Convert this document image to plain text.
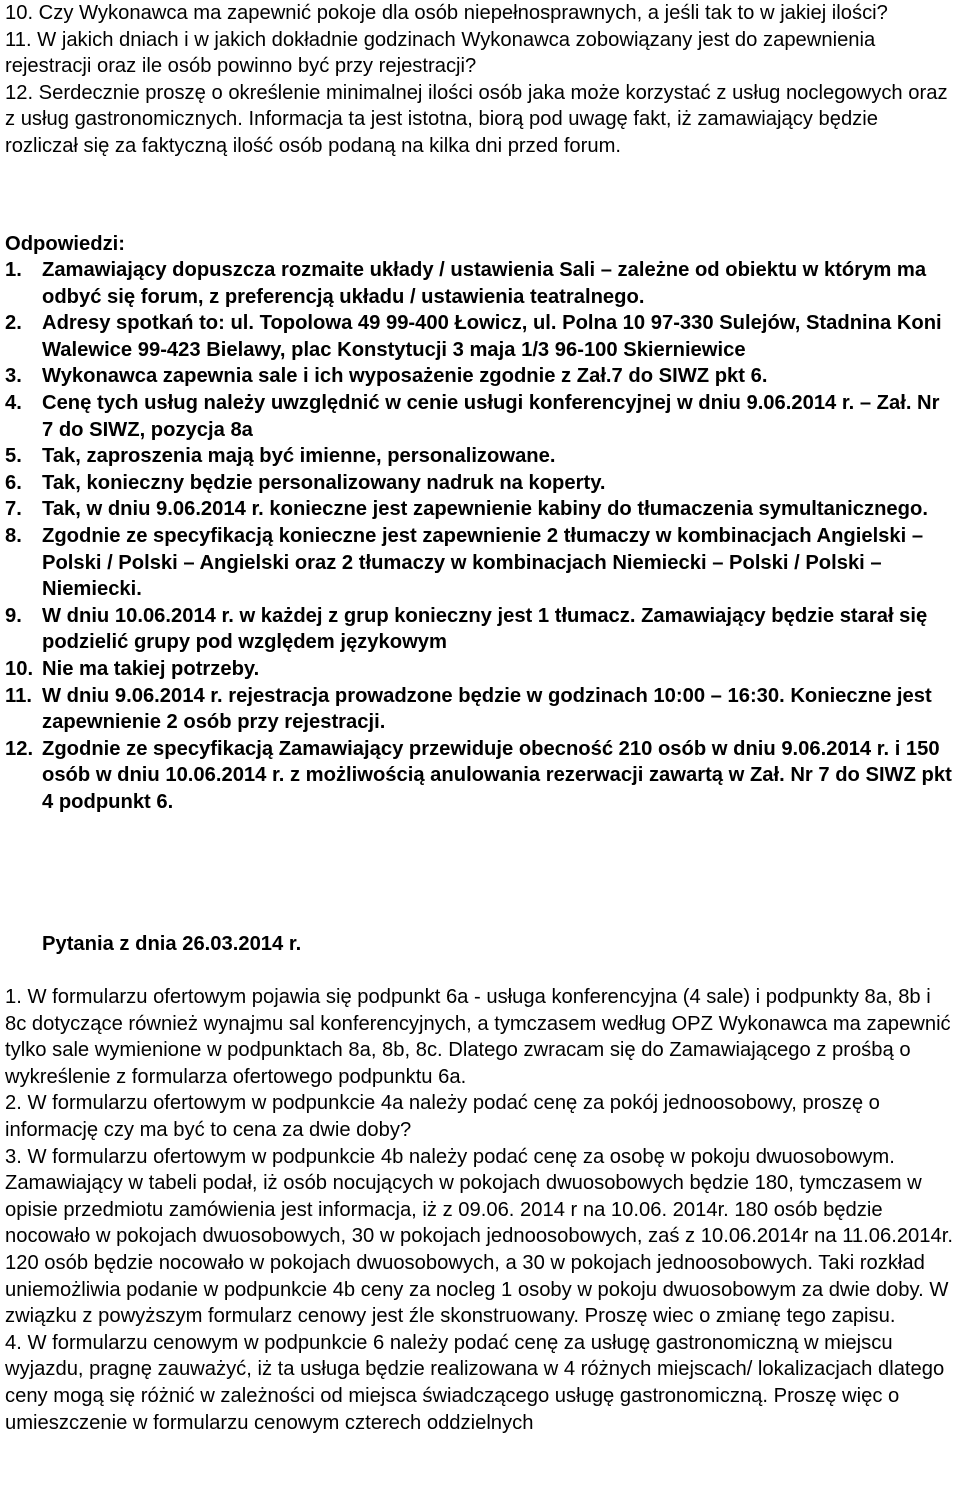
10. Czy Wykonawca ma zapewnić pokoje dla osób niepełnosprawnych, a jeśli tak to w jakiej ilości?

11. W jakich dniach i w jakich dokładnie godzinach Wykonawca zobowiązany jest do zapewnienia rejestracji oraz ile osób powinno być przy rejestracji?

12. Serdecznie proszę o określenie minimalnej ilości osób jaka może korzystać z usług noclegowych oraz z usług gastronomicznych. Informacja ta jest istotna, biorą pod uwagę fakt, iż zamawiający będzie rozliczał się za faktyczną ilość osób podaną na kilka dni przed forum.

Odpowiedzi:

1. Zamawiający dopuszcza rozmaite układy / ustawienia Sali – zależne od obiektu w którym ma odbyć się forum, z preferencją układu / ustawienia teatralnego.
2. Adresy spotkań to: ul. Topolowa 49 99-400 Łowicz, ul. Polna 10 97-330 Sulejów, Stadnina Koni Walewice 99-423 Bielawy, plac Konstytucji 3 maja 1/3 96-100 Skierniewice
3. Wykonawca zapewnia sale i ich wyposażenie zgodnie z Zał.7 do SIWZ pkt 6.
4. Cenę tych usług należy uwzględnić w cenie usługi konferencyjnej w dniu 9.06.2014 r. – Zał. Nr 7 do SIWZ, pozycja 8a
5. Tak, zaproszenia mają być imienne, personalizowane.
6. Tak, konieczny będzie personalizowany nadruk na koperty.
7. Tak, w dniu 9.06.2014 r. konieczne jest zapewnienie kabiny do tłumaczenia symultanicznego.
8. Zgodnie ze specyfikacją konieczne jest zapewnienie 2 tłumaczy w kombinacjach Angielski – Polski / Polski – Angielski oraz 2 tłumaczy w kombinacjach Niemiecki – Polski / Polski – Niemiecki.
9. W dniu 10.06.2014 r. w każdej z grup konieczny jest 1 tłumacz. Zamawiający będzie starał się podzielić grupy pod względem językowym
10. Nie ma takiej potrzeby.
11. W dniu 9.06.2014 r. rejestracja prowadzone będzie w godzinach 10:00 – 16:30. Konieczne jest zapewnienie 2 osób przy rejestracji.
12. Zgodnie ze specyfikacją Zamawiający przewiduje obecność 210 osób w dniu 9.06.2014 r. i 150 osób w dniu 10.06.2014 r. z możliwością anulowania rezerwacji zawartą w Zał. Nr 7 do SIWZ pkt 4 podpunkt 6.

Pytania z dnia 26.03.2014 r.

1. W formularzu ofertowym pojawia się podpunkt 6a - usługa konferencyjna (4 sale) i podpunkty 8a, 8b i 8c dotyczące również wynajmu sal konferencyjnych, a tymczasem według OPZ Wykonawca ma zapewnić tylko sale wymienione w podpunktach 8a, 8b, 8c. Dlatego zwracam się do Zamawiającego z prośbą o wykreślenie z formularza ofertowego podpunktu 6a.

2. W formularzu ofertowym w podpunkcie 4a należy podać cenę za pokój jednoosobowy, proszę o informację czy ma być to cena za dwie doby?

3. W formularzu ofertowym w podpunkcie 4b należy podać cenę za osobę w pokoju dwuosobowym. Zamawiający w tabeli podał, iż osób nocujących w pokojach dwuosobowych będzie 180, tymczasem w opisie przedmiotu zamówienia jest informacja, iż z 09.06. 2014 r na 10.06. 2014r. 180 osób będzie nocowało w pokojach dwuosobowych, 30 w pokojach jednoosobowych, zaś z 10.06.2014r na 11.06.2014r. 120 osób będzie nocowało w pokojach dwuosobowych, a 30 w pokojach jednoosobowych. Taki rozkład uniemożliwia podanie w podpunkcie 4b ceny za nocleg 1 osoby w pokoju dwuosobowym za dwie doby. W związku z powyższym formularz cenowy jest źle skonstruowany. Proszę wiec o zmianę tego zapisu.

4. W formularzu cenowym w podpunkcie 6 należy podać cenę za usługę gastronomiczną w miejscu wyjazdu, pragnę zauważyć, iż ta usługa będzie realizowana w 4 różnych miejscach/ lokalizacjach dlatego ceny mogą się różnić w zależności od miejsca świadczącego usługę gastronomiczną. Proszę więc o umieszczenie w formularzu cenowym czterech oddzielnych
